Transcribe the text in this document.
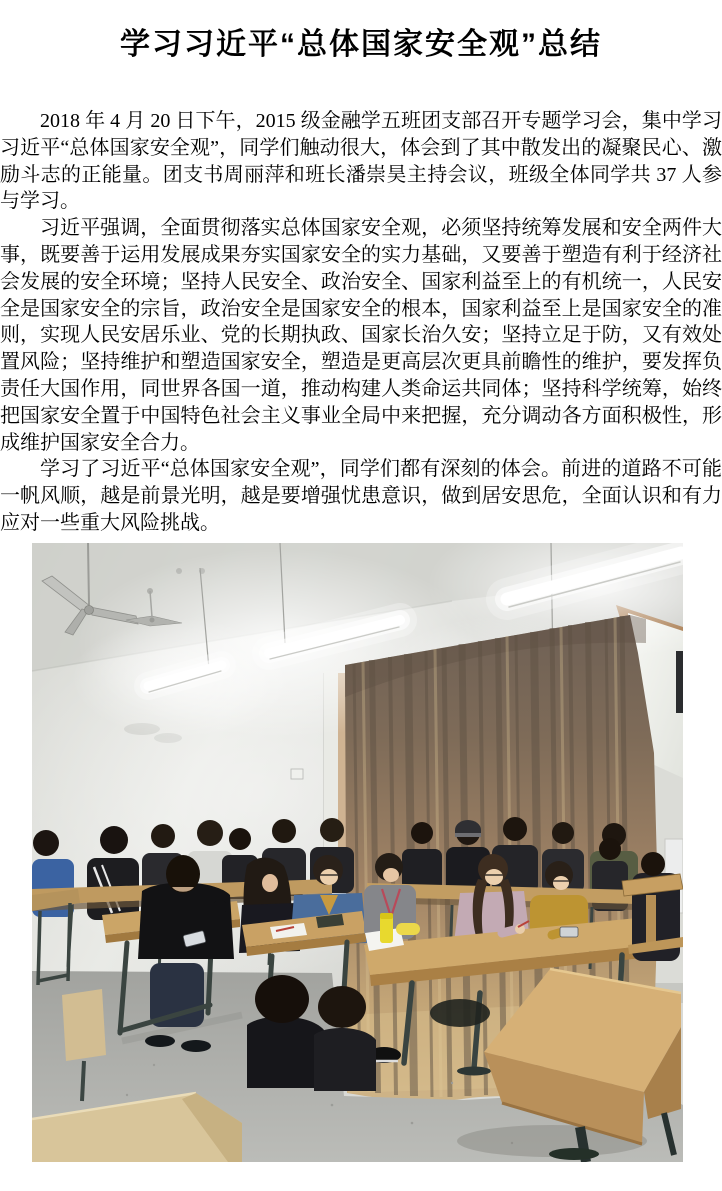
学习习近平“总体国家安全观”总结

2018 年 4 月 20 日下午，2015 级金融学五班团支部召开专题学习会，集中学习习近平“总体国家安全观”，同学们触动很大，体会到了其中散发出的凝聚民心、激励斗志的正能量。团支书周丽萍和班长潘崇昊主持会议，班级全体同学共 37 人参与学习。

习近平强调，全面贯彻落实总体国家安全观，必须坚持统筹发展和安全两件大事，既要善于运用发展成果夯实国家安全的实力基础，又要善于塑造有利于经济社会发展的安全环境；坚持人民安全、政治安全、国家利益至上的有机统一，人民安全是国家安全的宗旨，政治安全是国家安全的根本，国家利益至上是国家安全的准则，实现人民安居乐业、党的长期执政、国家长治久安；坚持立足于防，又有效处置风险；坚持维护和塑造国家安全，塑造是更高层次更具前瞻性的维护，要发挥负责任大国作用，同世界各国一道，推动构建人类命运共同体；坚持科学统筹，始终把国家安全置于中国特色社会主义事业全局中来把握，充分调动各方面积极性，形成维护国家安全合力。

学习了习近平“总体国家安全观”，同学们都有深刻的体会。前进的道路不可能一帆风顺，越是前景光明，越是要增强忧患意识，做到居安思危，全面认识和有力应对一些重大风险挑战。
